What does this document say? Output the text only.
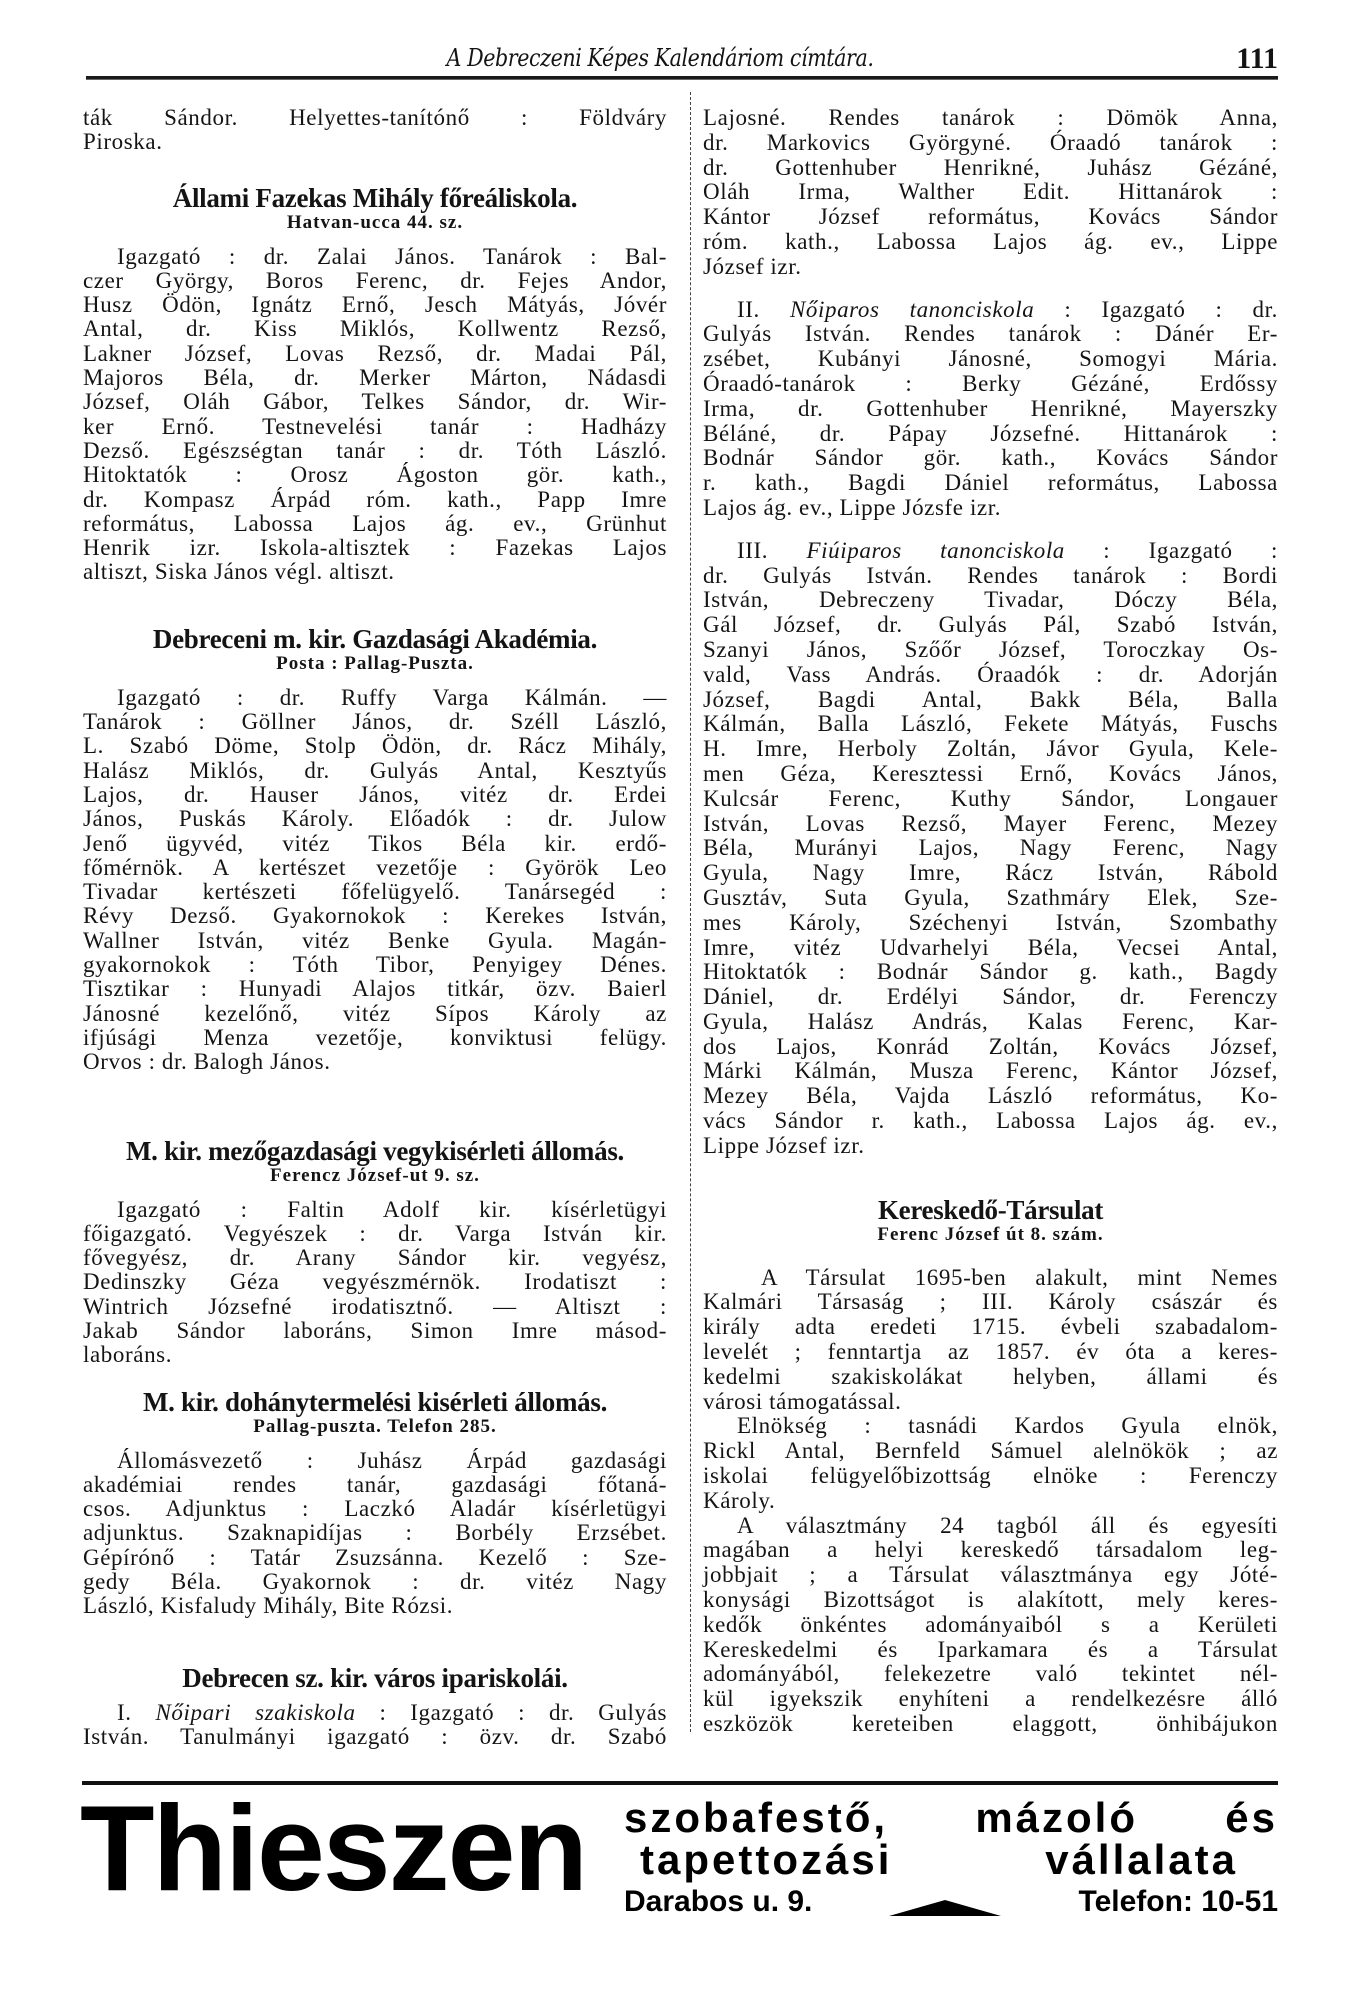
A Debreczeni Képes Kalendáriom címtára.	111
ták Sándor. Helyettes-tanítónő : Földváry
Piroska.
Állami Fazekas Mihály főreáliskola.
Hatvan-ucca 44. sz.
Igazgató : dr. Zalai János. Tanárok : Bal-
czer György, Boros Ferenc, dr. Fejes Andor,
Husz Ödön, Ignátz Ernő, Jesch Mátyás, Jóvér
Antal, dr. Kiss Miklós, Kollwentz Rezső,
Lakner József, Lovas Rezső, dr. Madai Pál,
Majoros Béla, dr. Merker Márton, Nádasdi
József, Oláh Gábor, Telkes Sándor, dr. Wir-
ker Ernő. Testnevelési tanár : Hadházy
Dezső. Egészségtan tanár : dr. Tóth László.
Hitoktatók : Orosz Ágoston gör. kath.,
dr. Kompasz Árpád róm. kath., Papp Imre
református, Labossa Lajos ág. ev., Grünhut
Henrik izr. Iskola-altisztek : Fazekas Lajos
altiszt, Siska János végl. altiszt.
Debreceni m. kir. Gazdasági Akadémia.
Posta : Pallag-Puszta.
Igazgató : dr. Ruffy Varga Kálmán. —
Tanárok : Göllner János, dr. Széll László,
L. Szabó Döme, Stolp Ödön, dr. Rácz Mihály,
Halász Miklós, dr. Gulyás Antal, Kesztyűs
Lajos, dr. Hauser János, vitéz dr. Erdei
János, Puskás Károly. Előadók : dr. Julow
Jenő ügyvéd, vitéz Tikos Béla kir. erdő-
főmérnök. A kertészet vezetője : Györök Leo
Tivadar kertészeti főfelügyelő. Tanársegéd :
Révy Dezső. Gyakornokok : Kerekes István,
Wallner István, vitéz Benke Gyula. Magán-
gyakornokok : Tóth Tibor, Penyigey Dénes.
Tisztikar : Hunyadi Alajos titkár, özv. Baierl
Jánosné kezelőnő, vitéz Sípos Károly az
ifjúsági Menza vezetője, konviktusi felügy.
Orvos : dr. Balogh János.
M. kir. mezőgazdasági vegykisérleti állomás.
Ferencz József-ut 9. sz.
Igazgató : Faltin Adolf kir. kísérletügyi
főigazgató. Vegyészek : dr. Varga István kir.
fővegyész, dr. Arany Sándor kir. vegyész,
Dedinszky Géza vegyészmérnök. Irodatiszt :
Wintrich Józsefné irodatisztnő. — Altiszt :
Jakab Sándor laboráns, Simon Imre másod-
laboráns.
M. kir. dohánytermelési kisérleti állomás.
Pallag-puszta. Telefon 285.
Állomásvezető : Juhász Árpád gazdasági
akadémiai rendes tanár, gazdasági főtaná-
csos. Adjunktus : Laczkó Aladár kísérletügyi
adjunktus. Szaknapidíjas : Borbély Erzsébet.
Gépírónő : Tatár Zsuzsánna. Kezelő : Sze-
gedy Béla. Gyakornok : dr. vitéz Nagy
László, Kisfaludy Mihály, Bite Rózsi.
Debrecen sz. kir. város ipariskolái.
I. Nőipari szakiskola : Igazgató : dr. Gulyás
István. Tanulmányi igazgató : özv. dr. Szabó
Lajosné. Rendes tanárok : Dömök Anna,
dr. Markovics Györgyné. Óraadó tanárok :
dr. Gottenhuber Henrikné, Juhász Gézáné,
Oláh Irma, Walther Edit. Hittanárok :
Kántor József református, Kovács Sándor
róm. kath., Labossa Lajos ág. ev., Lippe
József izr.
II. Nőiparos tanonciskola : Igazgató : dr.
Gulyás István. Rendes tanárok : Dánér Er-
zsébet, Kubányi Jánosné, Somogyi Mária.
Óraadó-tanárok : Berky Gézáné, Erdőssy
Irma, dr. Gottenhuber Henrikné, Mayerszky
Béláné, dr. Pápay Józsefné. Hittanárok :
Bodnár Sándor gör. kath., Kovács Sándor
r. kath., Bagdi Dániel református, Labossa
Lajos ág. ev., Lippe Józsfe izr.
III. Fiúiparos tanonciskola : Igazgató :
dr. Gulyás István. Rendes tanárok : Bordi
István, Debreczeny Tivadar, Dóczy Béla,
Gál József, dr. Gulyás Pál, Szabó István,
Szanyi János, Szőőr József, Toroczkay Os-
vald, Vass András. Óraadók : dr. Adorján
József, Bagdi Antal, Bakk Béla, Balla
Kálmán, Balla László, Fekete Mátyás, Fuschs
H. Imre, Herboly Zoltán, Jávor Gyula, Kele-
men Géza, Keresztessi Ernő, Kovács János,
Kulcsár Ferenc, Kuthy Sándor, Longauer
István, Lovas Rezső, Mayer Ferenc, Mezey
Béla, Murányi Lajos, Nagy Ferenc, Nagy
Gyula, Nagy Imre, Rácz István, Rábold
Gusztáv, Suta Gyula, Szathmáry Elek, Sze-
mes Károly, Széchenyi István, Szombathy
Imre, vitéz Udvarhelyi Béla, Vecsei Antal,
Hitoktatók : Bodnár Sándor g. kath., Bagdy
Dániel, dr. Erdélyi Sándor, dr. Ferenczy
Gyula, Halász András, Kalas Ferenc, Kar-
dos Lajos, Konrád Zoltán, Kovács József,
Márki Kálmán, Musza Ferenc, Kántor József,
Mezey Béla, Vajda László református, Ko-
vács Sándor r. kath., Labossa Lajos ág. ev.,
Lippe József izr.
Kereskedő-Társulat
Ferenc József út 8. szám.
A Társulat 1695-ben alakult, mint Nemes
Kalmári Társaság ; III. Károly császár és
király adta eredeti 1715. évbeli szabadalom-
levelét ; fenntartja az 1857. év óta a keres-
kedelmi szakiskolákat helyben, állami és
városi támogatással.
Elnökség : tasnádi Kardos Gyula elnök,
Rickl Antal, Bernfeld Sámuel alelnökök ; az
iskolai felügyelőbizottság elnöke : Ferenczy
Károly.
A választmány 24 tagból áll és egyesíti
magában a helyi kereskedő társadalom leg-
jobbjait ; a Társulat választmánya egy Jóté-
konysági Bizottságot is alakított, mely keres-
kedők önkéntes adományaiból s a Kerületi
Kereskedelmi és Iparkamara és a Társulat
adományából, felekezetre való tekintet nél-
kül igyekszik enyhíteni a rendelkezésre álló
eszközök kereteiben elaggott, önhibájukon
Thieszen szobafestő, mázoló és
tapettozási vállalata
Darabos u. 9.	Telefon: 10-51
